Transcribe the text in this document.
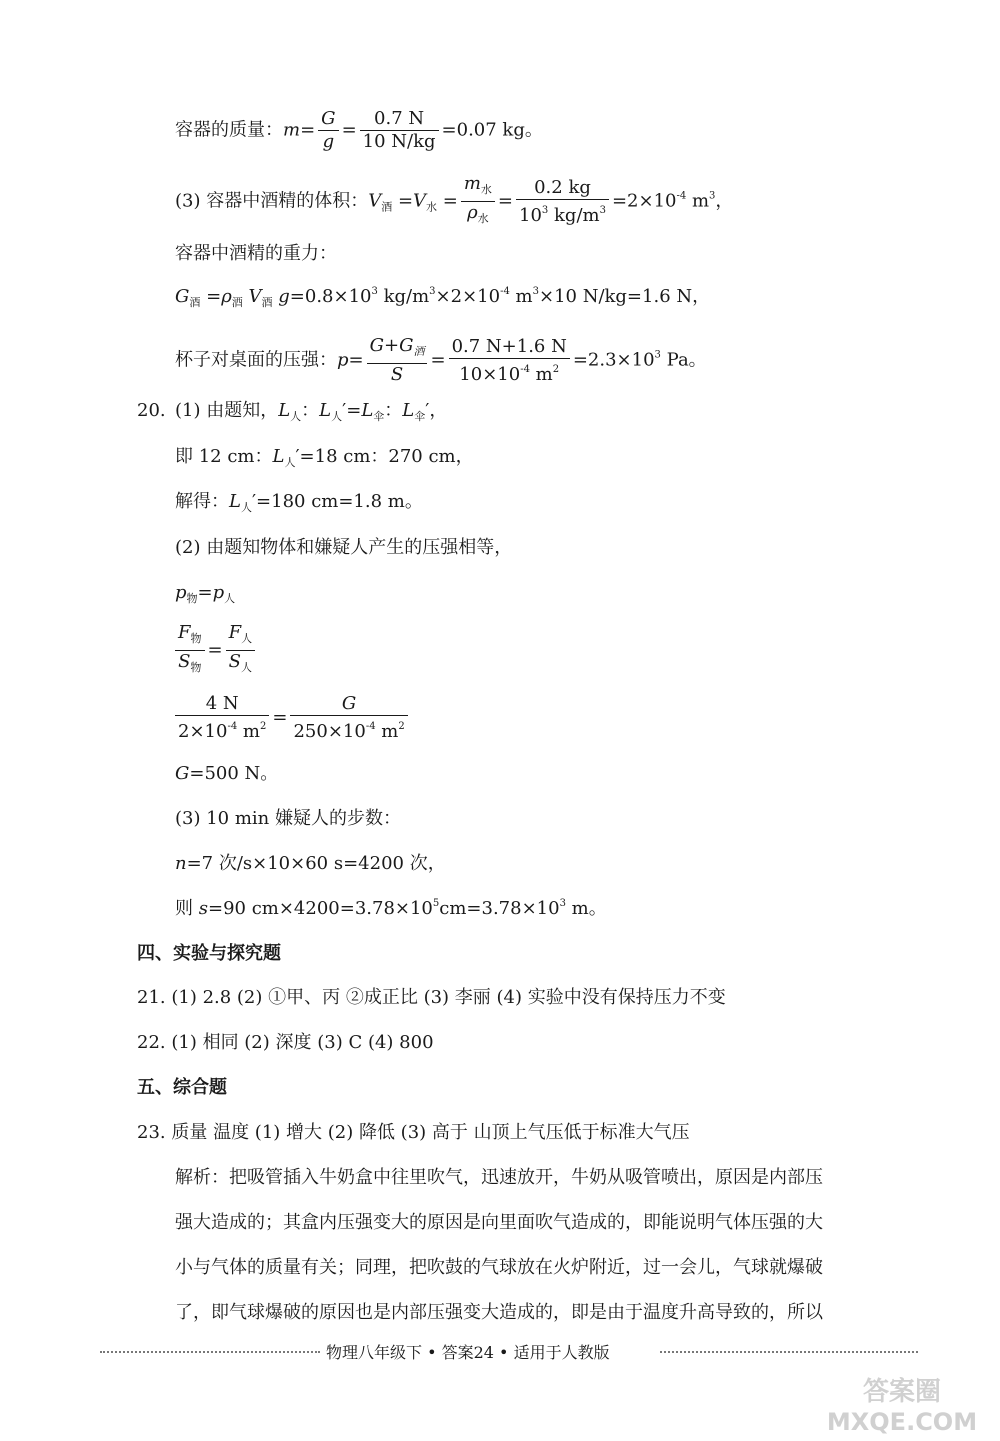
容器的质量：$m= \frac{G}{g} = \frac{0.7 N}{10 N/kg} =0.07$ kg。
(3) 容器中酒精的体积：$V_酒 =V_水 = \frac{m_水}{\rho_水} = \frac{0.2 kg}{10^3 kg/m^3} =2\times 10^{-4}$ $m^3$，
容器中酒精的重力：
$G_酒 =\rho_酒$ $V_酒$ $g=0.8\times 10^3$ $kg/m^3\times 2\times 10^{-4}$ $m^3\times 10$ N/kg=1.6 N，
杯子对桌面的压强：$p= \frac{G+G_酒}{S} = \frac{0.7 N+1.6 N}{10\times 10^{-4} m^2} =2.3\times 10^3$ Pa。
20. (1) 由题知，$L_人$：$L_人'=L_伞$：$L_伞'$，
即 12 cm：$L_人'=18$ cm：270 cm，
解得：$L_人'=180$ cm=1.8 m。
(2) 由题知物体和嫌疑人产生的压强相等，
$p_物=p_人$
$\frac{F_物}{S_物} = \frac{F_人}{S_人}$
$\frac{4 N}{2\times 10^{-4} m^2} = \frac{G}{250\times 10^{-4} m^2}$
G=500 N。
(3) 10 min 嫌疑人的步数：
n=7 次/s×10×60 s=4200 次，
则 s=90 $cm\times 4200=3.78\times 10^5cm=3.78\times 10^3$ m。
四、实验与探究题
21. (1) 2.8 (2) ①甲、丙 ②成正比 (3) 李丽 (4) 实验中没有保持压力不变
22. (1) 相同 (2) 深度 (3) C (4) 800
五、综合题
23. 质量 温度 (1) 增大 (2) 降低 (3) 高于 山顶上气压低于标准大气压
解析：把吸管插入牛奶盒中往里吹气，迅速放开，牛奶从吸管喷出，原因是内部压
强大造成的；其盒内压强变大的原因是向里面吹气造成的，即能说明气体压强的大
小与气体的质量有关；同理，把吹鼓的气球放在火炉附近，过一会儿，气球就爆破
了，即气球爆破的原因也是内部压强变大造成的，即是由于温度升高导致的，所以
物理八年级下 • 答案24 • 适用于人教版
答案圈
MXQE.COM
